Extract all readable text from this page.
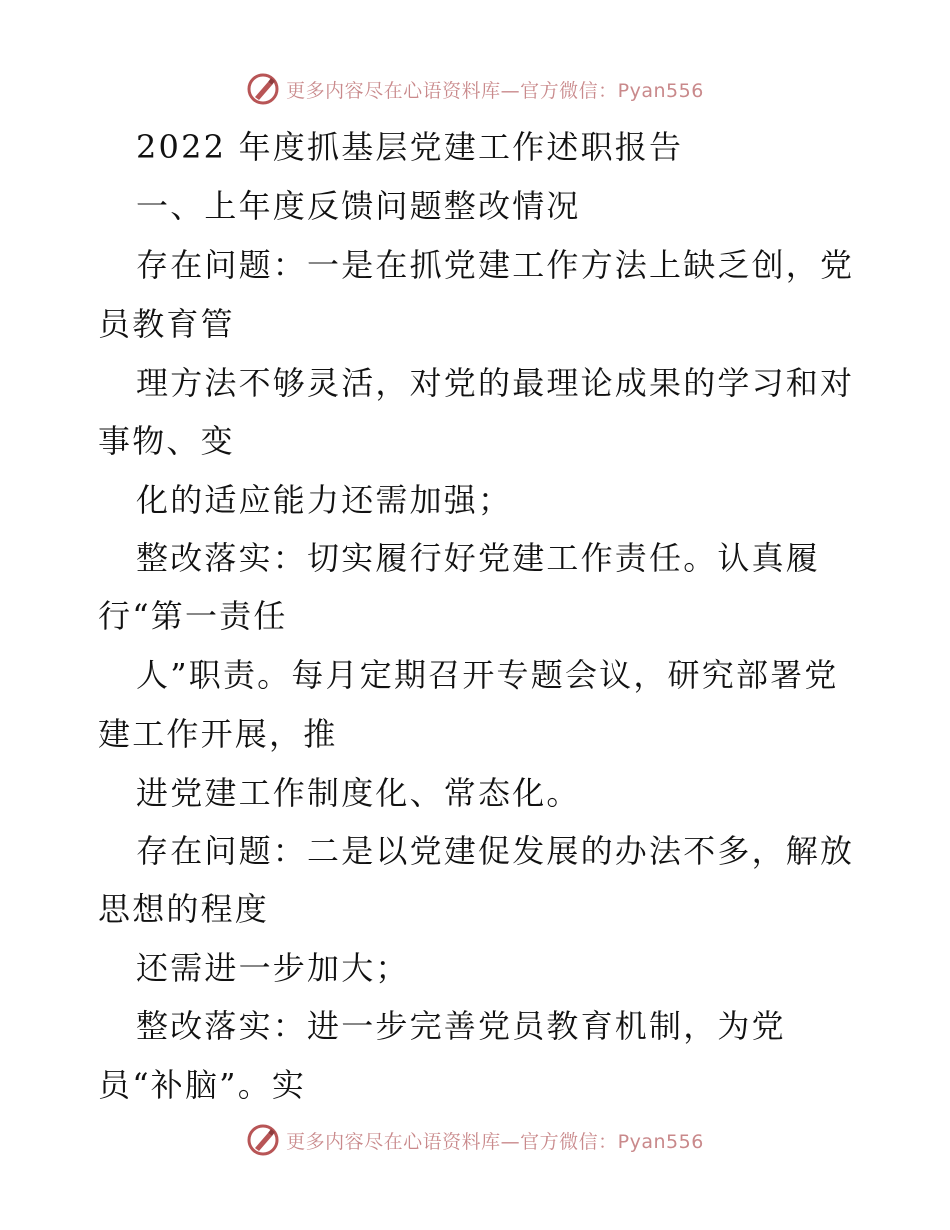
更多内容尽在心语资料库—官方微信：Pyan556
2022 年度抓基层党建工作述职报告
一、上年度反馈问题整改情况
存在问题：一是在抓党建工作方法上缺乏创，党
员教育管
理方法不够灵活，对党的最理论成果的学习和对
事物、变
化的适应能力还需加强；
整改落实：切实履行好党建工作责任。认真履
行“第一责任
人”职责。每月定期召开专题会议，研究部署党
建工作开展，推
进党建工作制度化、常态化。
存在问题：二是以党建促发展的办法不多，解放
思想的程度
还需进一步加大；
整改落实：进一步完善党员教育机制，为党
员“补脑”。实
更多内容尽在心语资料库—官方微信：Pyan556
